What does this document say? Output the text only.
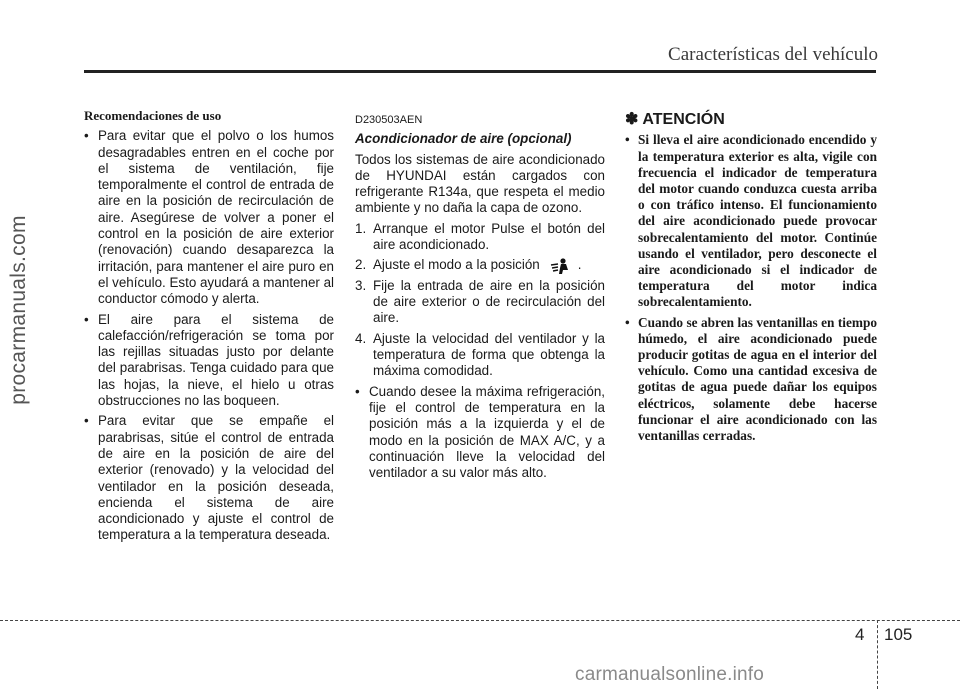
Características del vehículo
procarmanuals.com
Recomendaciones de uso
• Para evitar que el polvo o los humos desagradables entren en el coche por el sistema de ventilación, fije temporalmente el control de entrada de aire en la posición de recirculación de aire. Asegúrese de volver a poner el control en la posición de aire exterior (renovación) cuando desaparezca la irritación, para mantener el aire puro en el vehículo. Esto ayudará a mantener al conductor cómodo y alerta.
• El aire para el sistema de calefacción/refrigeración se toma por las rejillas situadas justo por delante del parabrisas. Tenga cuidado para que las hojas, la nieve, el hielo u otras obstrucciones no las boqueen.
• Para evitar que se empañe el parabrisas, sitúe el control de entrada de aire en la posición de aire del exterior (renovado) y la velocidad del ventilador en la posición deseada, encienda el sistema de aire acondicionado y ajuste el control de temperatura a la temperatura deseada.
D230503AEN
Acondicionador de aire (opcional)
Todos los sistemas de aire acondicionado de HYUNDAI están cargados con refrigerante R134a, que respeta el medio ambiente y no daña la capa de ozono.
1. Arranque el motor Pulse el botón del aire acondicionado.
2. Ajuste el modo a la posición	.
3. Fije la entrada de aire en la posición de aire exterior o de recirculación del aire.
4. Ajuste la velocidad del ventilador y la temperatura de forma que obtenga la máxima comodidad.
• Cuando desee la máxima refrigeración, fije el control de temperatura en la posición más a la izquierda y el de modo en la posición de MAX A/C, y a continuación lleve la velocidad del ventilador a su valor más alto.
✽ ATENCIÓN
• Si lleva el aire acondicionado encendido y la temperatura exterior es alta, vigile con frecuencia el indicador de temperatura del motor cuando conduzca cuesta arriba o con tráfico intenso. El funcionamiento del aire acondicionado puede provocar sobrecalentamiento del motor. Continúe usando el ventilador, pero desconecte el aire acondicionado si el indicador de temperatura del motor indica sobrecalentamiento.
• Cuando se abren las ventanillas en tiempo húmedo, el aire acondicionado puede producir gotitas de agua en el interior del vehículo. Como una cantidad excesiva de gotitas de agua puede dañar los equipos eléctricos, solamente debe hacerse funcionar el aire acondicionado con las ventanillas cerradas.
4 105
carmanualsonline.info
